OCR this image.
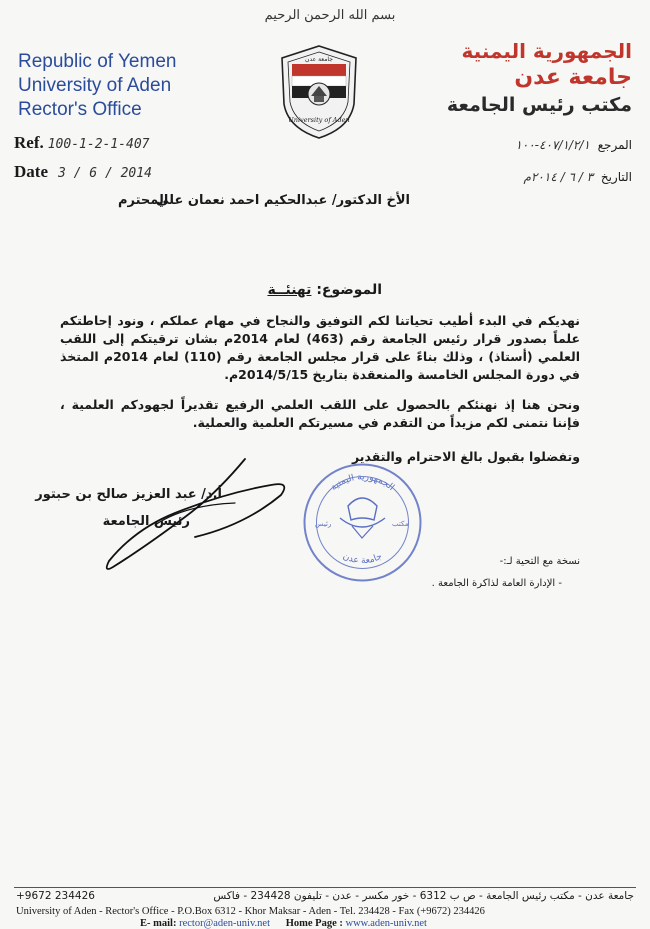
بسم الله الرحمن الرحيم
Republic of Yemen
University of Aden
Rector's Office
الجمهورية اليمنية
جامعة عدن
مكتب رئيس الجامعة
جامعة عدن
University of Aden
Ref. 100-1-2-1-407
Date 3 / 6 / 2014
المرجع ٤٠٧/١/٢/١-١٠٠
التاريخ ٣ / ٦ / ٢٠١٤م
الأخ الدكتور/ عبدالحكيم احمد نعمان علي
المحترم
الموضوع: تهنئــة

نهديكم في البدء أطيب تحياتنا لكم التوفيق والنجاح في مهام عملكم ، ونود إحاطتكم علماً بصدور قرار رئيس الجامعة رقم (463) لعام 2014م بشان ترقيتكم إلى اللقب العلمي (أستاذ) ، وذلك بناءً على قرار مجلس الجامعة رقم (110) لعام 2014م المتخذ في دورة المجلس الخامسة والمنعقدة بتاريخ 2014/5/15م.

ونحن هنا إذ نهنئكم بالحصول على اللقب العلمي الرفيع تقديراً لجهودكم العلمية ، فإننا نتمنى لكم مزيداً من التقدم في مسيرتكم العلمية والعملية.

وتفضلوا بقبول بالغ الاحترام والتقدير
الجمهورية اليمنية
جامعة عدن
رئيس	مكتب
أ.د/ عبد العزيز صالح بن حبتور
رئيس الجامعة
نسخة مع التحية لـ:-
- الإدارة العامة لذاكرة الجامعة .
جامعة عدن - مكتب رئيس الجامعة - ص ب 6312 - خور مكسر - عدن - تليفون 234428 - فاكس
+9672 234426
University of Aden - Rector's Office - P.O.Box 6312 - Khor Maksar - Aden - Tel. 234428 - Fax (+9672) 234426
E- mail: rector@aden-univ.net Home Page : www.aden-univ.net
